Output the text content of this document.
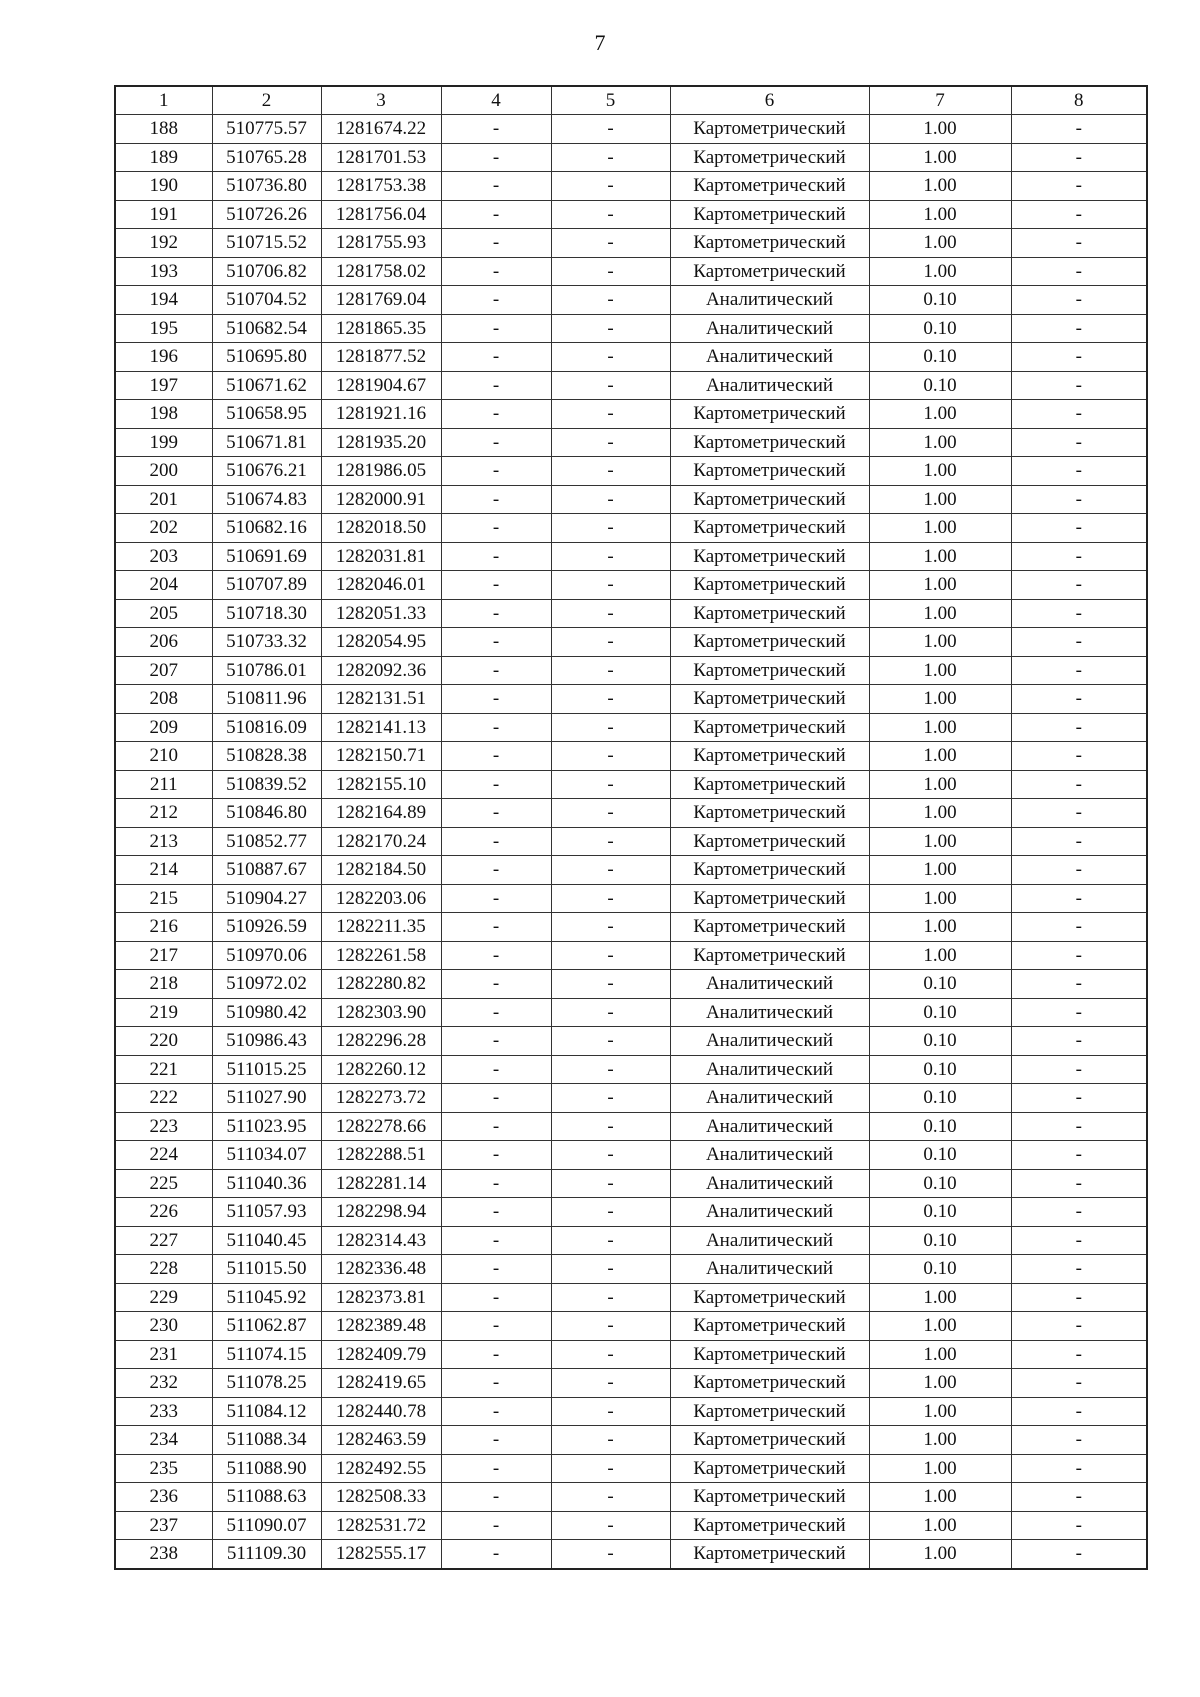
7
1	2	3	4	5	6	7	8
188	510775.57	1281674.22	-	-	Картометрический	1.00	-
189	510765.28	1281701.53	-	-	Картометрический	1.00	-
190	510736.80	1281753.38	-	-	Картометрический	1.00	-
191	510726.26	1281756.04	-	-	Картометрический	1.00	-
192	510715.52	1281755.93	-	-	Картометрический	1.00	-
193	510706.82	1281758.02	-	-	Картометрический	1.00	-
194	510704.52	1281769.04	-	-	Аналитический	0.10	-
195	510682.54	1281865.35	-	-	Аналитический	0.10	-
196	510695.80	1281877.52	-	-	Аналитический	0.10	-
197	510671.62	1281904.67	-	-	Аналитический	0.10	-
198	510658.95	1281921.16	-	-	Картометрический	1.00	-
199	510671.81	1281935.20	-	-	Картометрический	1.00	-
200	510676.21	1281986.05	-	-	Картометрический	1.00	-
201	510674.83	1282000.91	-	-	Картометрический	1.00	-
202	510682.16	1282018.50	-	-	Картометрический	1.00	-
203	510691.69	1282031.81	-	-	Картометрический	1.00	-
204	510707.89	1282046.01	-	-	Картометрический	1.00	-
205	510718.30	1282051.33	-	-	Картометрический	1.00	-
206	510733.32	1282054.95	-	-	Картометрический	1.00	-
207	510786.01	1282092.36	-	-	Картометрический	1.00	-
208	510811.96	1282131.51	-	-	Картометрический	1.00	-
209	510816.09	1282141.13	-	-	Картометрический	1.00	-
210	510828.38	1282150.71	-	-	Картометрический	1.00	-
211	510839.52	1282155.10	-	-	Картометрический	1.00	-
212	510846.80	1282164.89	-	-	Картометрический	1.00	-
213	510852.77	1282170.24	-	-	Картометрический	1.00	-
214	510887.67	1282184.50	-	-	Картометрический	1.00	-
215	510904.27	1282203.06	-	-	Картометрический	1.00	-
216	510926.59	1282211.35	-	-	Картометрический	1.00	-
217	510970.06	1282261.58	-	-	Картометрический	1.00	-
218	510972.02	1282280.82	-	-	Аналитический	0.10	-
219	510980.42	1282303.90	-	-	Аналитический	0.10	-
220	510986.43	1282296.28	-	-	Аналитический	0.10	-
221	511015.25	1282260.12	-	-	Аналитический	0.10	-
222	511027.90	1282273.72	-	-	Аналитический	0.10	-
223	511023.95	1282278.66	-	-	Аналитический	0.10	-
224	511034.07	1282288.51	-	-	Аналитический	0.10	-
225	511040.36	1282281.14	-	-	Аналитический	0.10	-
226	511057.93	1282298.94	-	-	Аналитический	0.10	-
227	511040.45	1282314.43	-	-	Аналитический	0.10	-
228	511015.50	1282336.48	-	-	Аналитический	0.10	-
229	511045.92	1282373.81	-	-	Картометрический	1.00	-
230	511062.87	1282389.48	-	-	Картометрический	1.00	-
231	511074.15	1282409.79	-	-	Картометрический	1.00	-
232	511078.25	1282419.65	-	-	Картометрический	1.00	-
233	511084.12	1282440.78	-	-	Картометрический	1.00	-
234	511088.34	1282463.59	-	-	Картометрический	1.00	-
235	511088.90	1282492.55	-	-	Картометрический	1.00	-
236	511088.63	1282508.33	-	-	Картометрический	1.00	-
237	511090.07	1282531.72	-	-	Картометрический	1.00	-
238	511109.30	1282555.17	-	-	Картометрический	1.00	-
